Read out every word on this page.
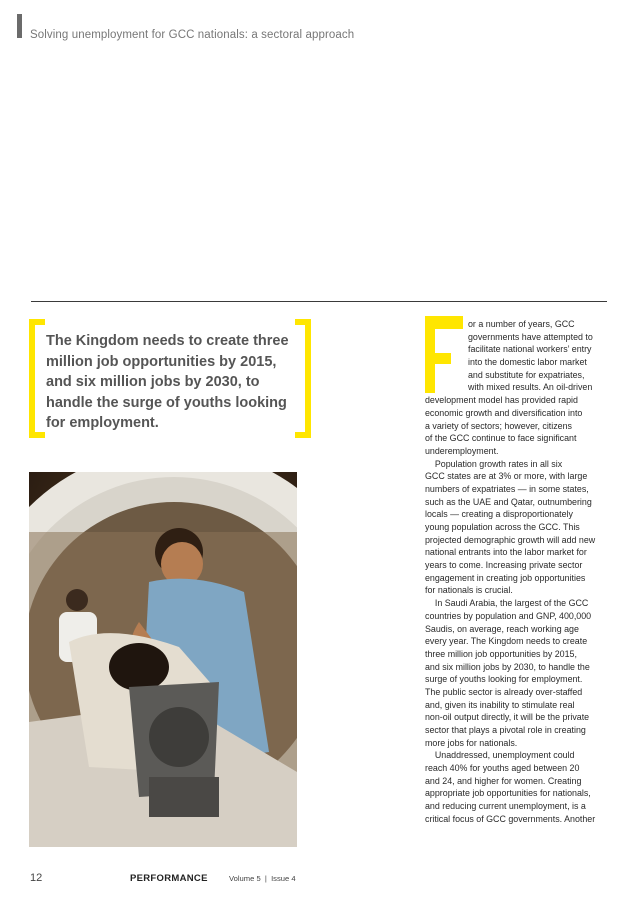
Solving unemployment for GCC nationals: a sectoral approach
The Kingdom needs to create three million job opportunities by 2015, and six million jobs by 2030, to handle the surge of youths looking for employment.
or a number of years, GCC
governments have attempted to
facilitate national workers’ entry
into the domestic labor market
and substitute for expatriates,
with mixed results. An oil-driven
development model has provided rapid
economic growth and diversification into
a variety of sectors; however, citizens
of the GCC continue to face significant
underemployment.
Population growth rates in all six
GCC states are at 3% or more, with large
numbers of expatriates — in some states,
such as the UAE and Qatar, outnumbering
locals — creating a disproportionately
young population across the GCC. This
projected demographic growth will add new
national entrants into the labor market for
years to come. Increasing private sector
engagement in creating job opportunities
for nationals is crucial.
In Saudi Arabia, the largest of the GCC
countries by population and GNP, 400,000
Saudis, on average, reach working age
every year. The Kingdom needs to create
three million job opportunities by 2015,
and six million jobs by 2030, to handle the
surge of youths looking for employment.
The public sector is already over-staffed
and, given its inability to stimulate real
non-oil output directly, it will be the private
sector that plays a pivotal role in creating
more jobs for nationals.
Unaddressed, unemployment could
reach 40% for youths aged between 20
and 24, and higher for women. Creating
appropriate job opportunities for nationals,
and reducing current unemployment, is a
critical focus of GCC governments. Another
12	PERFORMANCE	Volume 5  |  Issue 4
